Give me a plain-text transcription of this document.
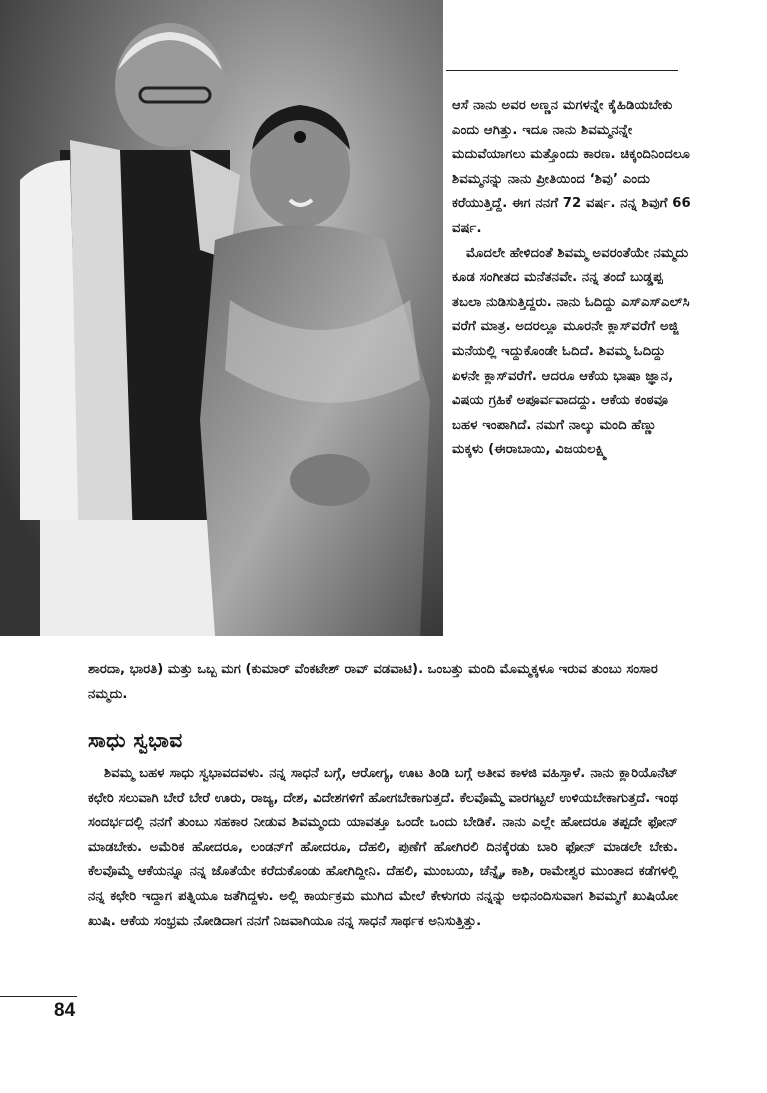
ಆಸೆ ನಾನು ಅವರ ಅಣ್ಣನ ಮಗಳನ್ನೇ ಕೈಹಿಡಿಯಬೇಕು ಎಂದು ಆಗಿತ್ತು. ಇದೂ ನಾನು ಶಿವಮ್ಮನನ್ನೇ ಮದುವೆಯಾಗಲು ಮತ್ತೊಂದು ಕಾರಣ. ಚಿಕ್ಕಂದಿನಿಂದಲೂ ಶಿವಮ್ಮನನ್ನು ನಾನು ಪ್ರೀತಿಯಿಂದ ‘ಶಿವು’ ಎಂದು ಕರೆಯುತ್ತಿದ್ದೆ. ಈಗ ನನಗೆ 72 ವರ್ಷ. ನನ್ನ ಶಿವುಗೆ 66 ವರ್ಷ.

ಮೊದಲೇ ಹೇಳಿದಂತೆ ಶಿವಮ್ಮ ಅವರಂತೆಯೇ ನಮ್ಮದು ಕೂಡ ಸಂಗೀತದ ಮನೆತನವೇ. ನನ್ನ ತಂದೆ ಬುಡ್ಡಪ್ಪ ತಬಲಾ ನುಡಿಸುತ್ತಿದ್ದರು. ನಾನು ಓದಿದ್ದು ಎಸ್‌ಎಸ್‌ಎಲ್‌ಸಿ ವರೆಗೆ ಮಾತ್ರ. ಅದರಲ್ಲೂ ಮೂರನೇ ಕ್ಲಾಸ್‌ವರೆಗೆ ಅಜ್ಜಿ ಮನೆಯಲ್ಲಿ ಇದ್ದುಕೊಂಡೇ ಓದಿದೆ. ಶಿವಮ್ಮ ಓದಿದ್ದು ಏಳನೇ ಕ್ಲಾಸ್‌ವರೆಗೆ. ಆದರೂ ಆಕೆಯ ಭಾಷಾ ಜ್ಞಾನ, ವಿಷಯ ಗ್ರಹಿಕೆ ಅಪೂರ್ವವಾದದ್ದು. ಆಕೆಯ ಕಂಠವೂ ಬಹಳ ಇಂಪಾಗಿದೆ. ನಮಗೆ ನಾಲ್ಕು ಮಂದಿ ಹೆಣ್ಣು ಮಕ್ಕಳು (ಈರಾಬಾಯಿ, ವಿಜಯಲಕ್ಷ್ಮಿ

ಶಾರದಾ, ಭಾರತಿ) ಮತ್ತು ಒಬ್ಬ ಮಗ (ಕುಮಾರ್ ವೆಂಕಟೇಶ್ ರಾವ್ ವಡವಾಟಿ). ಒಂಬತ್ತು ಮಂದಿ ಮೊಮ್ಮಕ್ಕಳೂ ಇರುವ ತುಂಬು ಸಂಸಾರ ನಮ್ಮದು.

ಸಾಧು ಸ್ವಭಾವ

ಶಿವಮ್ಮ ಬಹಳ ಸಾಧು ಸ್ವಭಾವದವಳು. ನನ್ನ ಸಾಧನೆ ಬಗ್ಗೆ, ಆರೋಗ್ಯ, ಊಟ ತಿಂಡಿ ಬಗ್ಗೆ ಅತೀವ ಕಾಳಜಿ ವಹಿಸ್ತಾಳೆ. ನಾನು ಕ್ಲಾರಿಯೊನೆಟ್ ಕಛೇರಿ ಸಲುವಾಗಿ ಬೇರೆ ಬೇರೆ ಊರು, ರಾಜ್ಯ, ದೇಶ, ವಿದೇಶಗಳಿಗೆ ಹೋಗಬೇಕಾಗುತ್ತದೆ. ಕೆಲವೊಮ್ಮೆ ವಾರಗಟ್ಟಲೆ ಉಳಿಯಬೇಕಾಗುತ್ತದೆ. ಇಂಥ ಸಂದರ್ಭದಲ್ಲಿ ನನಗೆ ತುಂಬು ಸಹಕಾರ ನೀಡುವ ಶಿವಮ್ಮಂದು ಯಾವತ್ತೂ ಒಂದೇ ಒಂದು ಬೇಡಿಕೆ. ನಾನು ಎಲ್ಲೇ ಹೋದರೂ ತಪ್ಪದೇ ಫೋನ್ ಮಾಡಬೇಕು. ಅಮೆರಿಕ ಹೋದರೂ, ಲಂಡನ್‌ಗೆ ಹೋದರೂ, ದೆಹಲಿ, ಪುಣೆಗೆ ಹೋಗಿರಲಿ ದಿನಕ್ಕೆರಡು ಬಾರಿ ಫೋನ್ ಮಾಡಲೇ ಬೇಕು. ಕೆಲವೊಮ್ಮೆ ಆಕೆಯನ್ನೂ ನನ್ನ ಜೊತೆಯೇ ಕರೆದುಕೊಂಡು ಹೋಗಿದ್ದೀನಿ. ದೆಹಲಿ, ಮುಂಬಯಿ, ಚೆನ್ನೈ, ಕಾಶಿ, ರಾಮೇಶ್ವರ ಮುಂತಾದ ಕಡೆಗಳಲ್ಲಿ ನನ್ನ ಕಛೇರಿ ಇದ್ದಾಗ ಪತ್ನಿಯೂ ಜತೆಗಿದ್ದಳು. ಅಲ್ಲಿ ಕಾರ್ಯಕ್ರಮ ಮುಗಿದ ಮೇಲೆ ಕೇಳುಗರು ನನ್ನನ್ನು ಅಭಿನಂದಿಸುವಾಗ ಶಿವಮ್ಮಗೆ ಖುಷಿಯೋ ಖುಷಿ. ಆಕೆಯ ಸಂಭ್ರಮ ನೋಡಿದಾಗ ನನಗೆ ನಿಜವಾಗಿಯೂ ನನ್ನ ಸಾಧನೆ ಸಾರ್ಥಕ ಅನಿಸುತ್ತಿತ್ತು.

84
